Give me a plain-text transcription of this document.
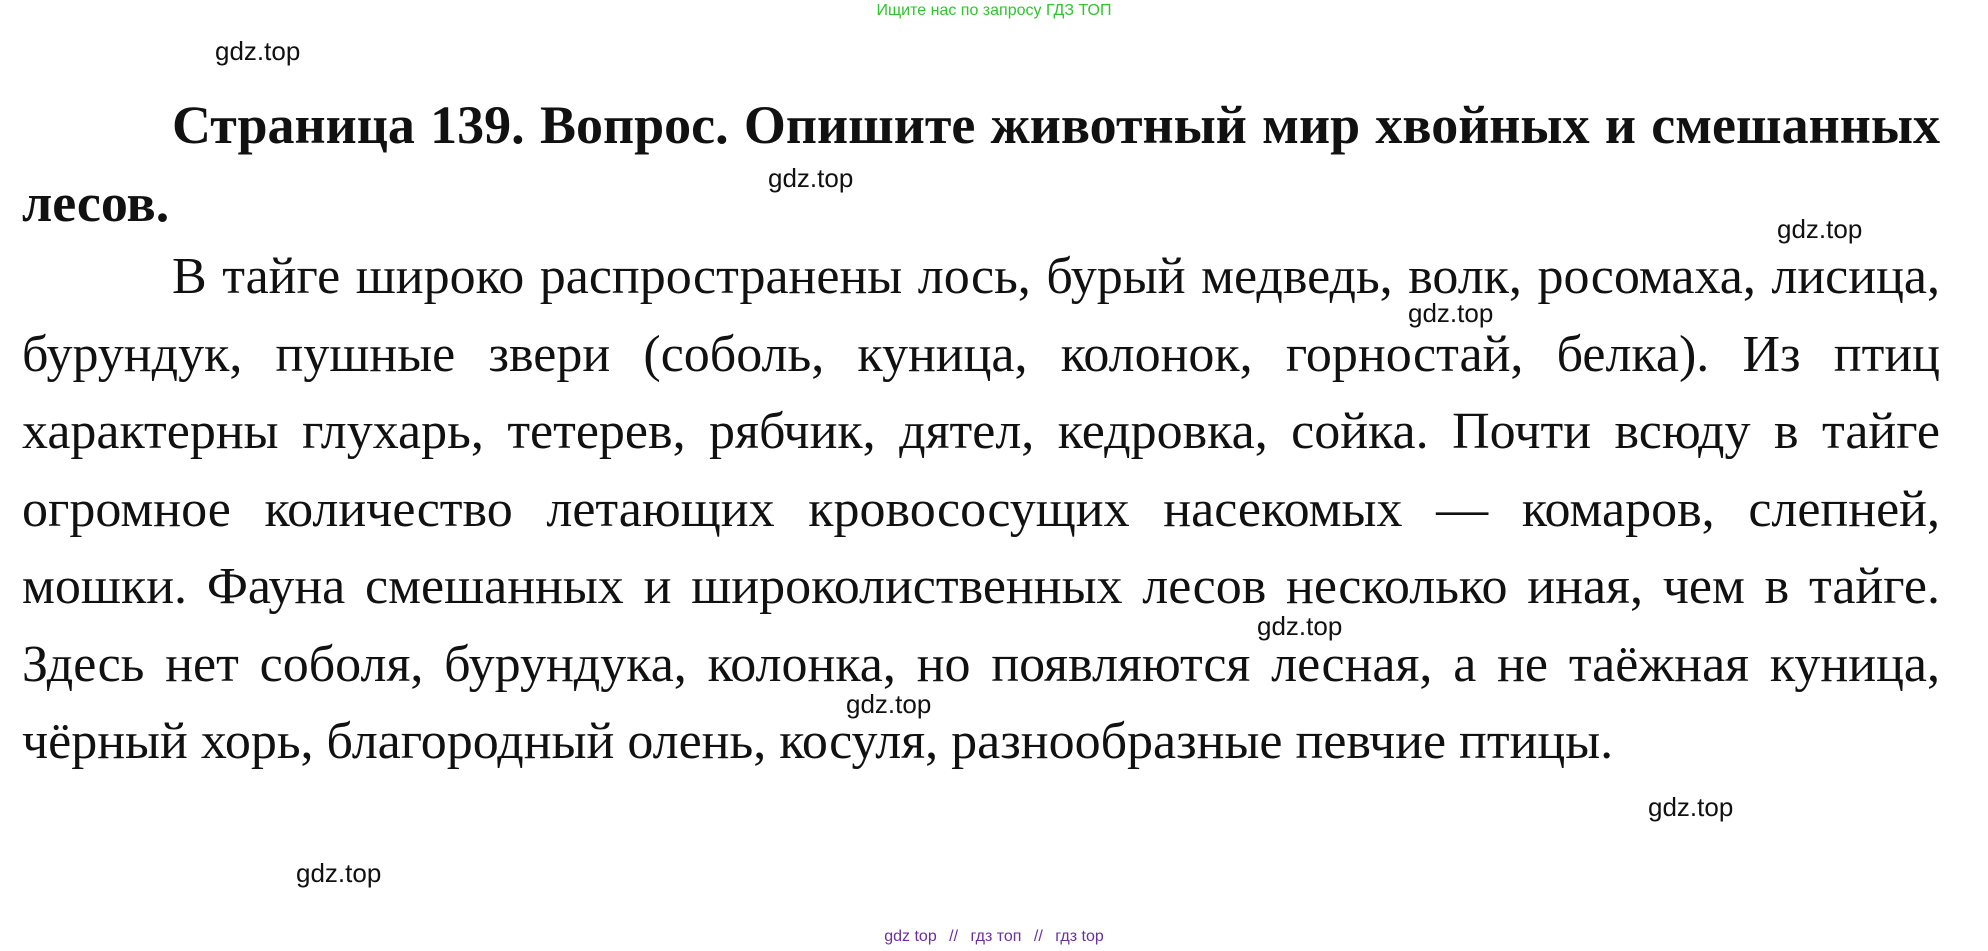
Ищите нас по запросу ГДЗ ТОП
Страница 139. Вопрос. Опишите животный мир хвойных и смешанных лесов.

В тайге широко распространены лось, бурый медведь, волк, росомаха, лисица, бурундук, пушные звери (соболь, куница, колонок, горностай, белка). Из птиц характерны глухарь, тетерев, рябчик, дятел, кедровка, сойка. Почти всюду в тайге огромное количество летающих кровососущих насекомых — комаров, слепней, мошки. Фауна смешанных и широколиственных лесов несколько иная, чем в тайге. Здесь нет соболя, бурундука, колонка, но появляются лесная, а не таёжная куница, чёрный хорь, благородный олень, косуля, разнообразные певчие птицы.

gdz.top
gdz.top
gdz.top
gdz.top
gdz.top
gdz.top
gdz.top
gdz.top
gdz top // гдз топ // гдз top
